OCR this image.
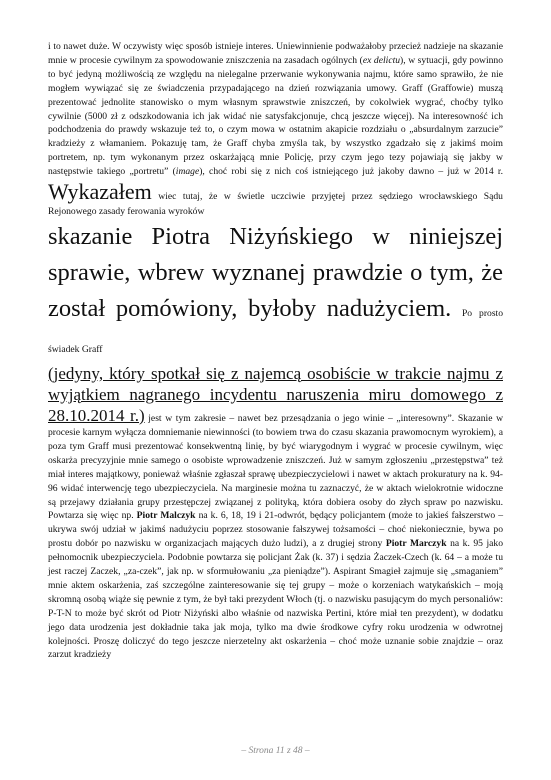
i to nawet duże. W oczywisty więc sposób istnieje interes. Uniewinnienie podważałoby przecież nadzieje na skazanie mnie w procesie cywilnym za spowodowanie zniszczenia na zasadach ogólnych (ex delictu), w sytuacji, gdy powinno to być jedyną możliwością ze względu na nielegalne przerwanie wykonywania najmu, które samo sprawiło, że nie mogłem wywiązać się ze świadczenia przypadającego na dzień rozwiązania umowy. Graff (Graffowie) muszą prezentować jednolite stanowisko o mym własnym sprawstwie zniszczeń, by cokolwiek wygrać, choćby tylko cywilnie (5000 zł z odszkodowania ich jak widać nie satysfakcjonuje, chcą jeszcze więcej). Na interesowność ich podchodzenia do prawdy wskazuje też to, o czym mowa w ostatnim akapicie rozdziału o „absurdalnym zarzucie” kradzieży z włamaniem. Pokazuję tam, że Graff chyba zmyśla tak, by wszystko zgadzało się z jakimś moim portretem, np. tym wykonanym przez oskarżającą mnie Policję, przy czym jego tezy pojawiają się jakby w następstwie takiego „portretu” (image), choć robi się z nich coś istniejącego już jakoby dawno – już w 2014 r. Wykazałem wiec tutaj, że w świetle uczciwie przyjętej przez sędziego wrocławskiego Sądu Rejonowego zasady ferowania wyroków

skazanie Piotra Niżyńskiego w niniejszej sprawie, wbrew wyznanej prawdzie o tym, że został pomówiony, byłoby nadużyciem. Po prosto świadek Graff

(jedyny, który spotkał się z najemcą osobiście w trakcie najmu z wyjątkiem nagranego incydentu naruszenia miru domowego z 28.10.2014 r.) jest w tym zakresie – nawet bez przesądzania o jego winie – „interesowny”. Skazanie w procesie karnym wyłącza domniemanie niewinności (to bowiem trwa do czasu skazania prawomocnym wyrokiem), a poza tym Graff musi prezentować konsekwentną linię, by być wiarygodnym i wygrać w procesie cywilnym, więc oskarża precyzyjnie mnie samego o osobiste wprowadzenie zniszczeń. Już w samym zgłoszeniu „przestępstwa” też miał interes majątkowy, ponieważ właśnie zgłaszał sprawę ubezpieczycielowi i nawet w aktach prokuratury na k. 94-96 widać interwencję tego ubezpieczyciela. Na marginesie można tu zaznaczyć, że w aktach wielokrotnie widoczne są przejawy działania grupy przestępczej związanej z polityką, która dobiera osoby do złych spraw po nazwisku. Powtarza się więc np. Piotr Malczyk na k. 6, 18, 19 i 21-odwrót, będący policjantem (może to jakieś fałszerstwo – ukrywa swój udział w jakimś nadużyciu poprzez stosowanie fałszywej tożsamości – choć niekoniecznie, bywa po prostu dobór po nazwisku w organizacjach mających dużo ludzi), a z drugiej strony Piotr Marczyk na k. 95 jako pełnomocnik ubezpieczyciela. Podobnie powtarza się policjant Żak (k. 37) i sędzia Żaczek-Czech (k. 64 – a może tu jest raczej Zaczek, „za-czek”, jak np. w sformułowaniu „za pieniądze”). Aspirant Smagieł zajmuje się „smaganiem” mnie aktem oskarżenia, zaś szczególne zainteresowanie się tej grupy – może o korzeniach watykańskich – moją skromną osobą wiąże się pewnie z tym, że był taki prezydent Włoch (tj. o nazwisku pasującym do mych personaliów: P-T-N to może być skrót od Piotr Niżyński albo właśnie od nazwiska Pertini, które miał ten prezydent), w dodatku jego data urodzenia jest dokładnie taka jak moja, tylko ma dwie środkowe cyfry roku urodzenia w odwrotnej kolejności. Proszę doliczyć do tego jeszcze nierzetelny akt oskarżenia – choć może uznanie sobie znajdzie – oraz zarzut kradzieży

– Strona 11 z 48 –
